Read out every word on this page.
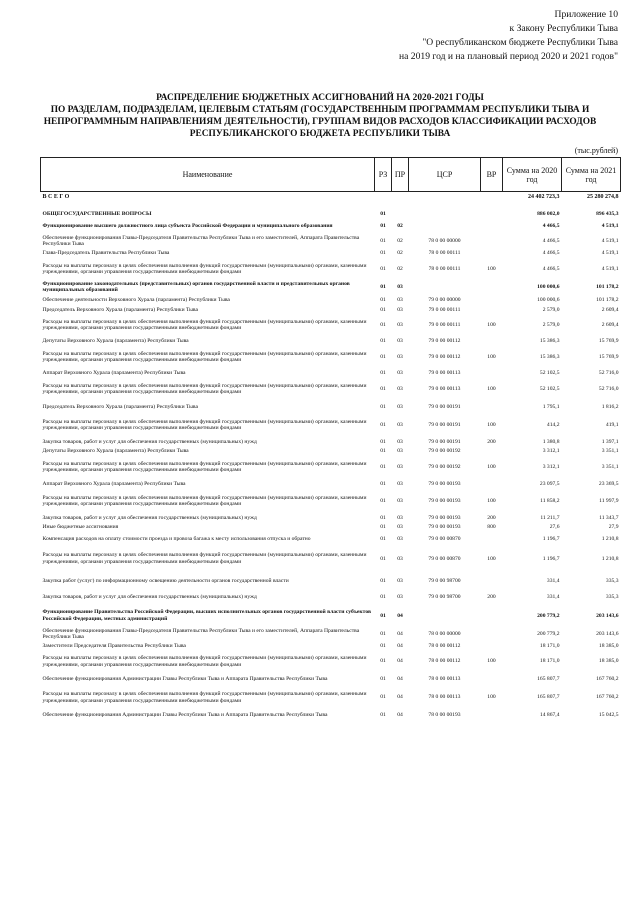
Приложение 10
к Закону Республики Тыва
"О республиканском бюджете Республики Тыва
на 2019 год и на плановый период 2020 и 2021 годов"
РАСПРЕДЕЛЕНИЕ БЮДЖЕТНЫХ АССИГНОВАНИЙ НА 2020-2021 ГОДЫ
ПО РАЗДЕЛАМ, ПОДРАЗДЕЛАМ, ЦЕЛЕВЫМ СТАТЬЯМ (ГОСУДАРСТВЕННЫМ ПРОГРАММАМ РЕСПУБЛИКИ ТЫВА И
НЕПРОГРАММНЫМ НАПРАВЛЕНИЯМ ДЕЯТЕЛЬНОСТИ), ГРУППАМ ВИДОВ РАСХОДОВ КЛАССИФИКАЦИИ РАСХОДОВ
РЕСПУБЛИКАНСКОГО БЮДЖЕТА РЕСПУБЛИКИ ТЫВА
(тыс.рублей)
Наименование	РЗ	ПР	ЦСР	ВР	Сумма на 2020 год	Сумма на 2021 год
В С Е Г О					24 402 723,3	25 280 274,8

ОБЩЕГОСУДАРСТВЕННЫЕ ВОПРОСЫ	01				886 002,0	896 435,3
Функционирование высшего должностного лица субъекта Российской Федерации и муниципального образования	01	02			4 466,5	4 519,1
Обеспечение функционирования Главы-Председателя Правительства Республики Тыва и его заместителей, Аппарата Правительства Республики Тыва	01	02	78 0 00 00000		4 466,5	4 519,1
Глава-Председатель Правительства Республики Тыва	01	02	78 0 00 00111		4 466,5	4 519,1
Расходы на выплаты персоналу в целях обеспечения выполнения функций государственными (муниципальными) органами, казенными учреждениями, органами управления государственными внебюджетными фондами	01	02	78 0 00 00111	100	4 466,5	4 519,1
Функционирование законодательных (представительных) органов государственной власти и представительных органов муниципальных образований	01	03			100 000,6	101 178,2
Обеспечение деятельности Верховного Хурала (парламента) Республики Тыва	01	03	79 0 00 00000		100 000,6	101 178,2
Председатель Верховного Хурала (парламента) Республики Тыва	01	03	79 0 00 00111		2 579,0	2 609,4
Расходы на выплаты персоналу в целях обеспечения выполнения функций государственными (муниципальными) органами, казенными учреждениями, органами управления государственными внебюджетными фондами	01	03	79 0 00 00111	100	2 579,0	2 609,4
Депутаты Верховного Хурала (парламента) Республики Тыва	01	03	79 0 00 00112		15 386,3	15 769,9
Расходы на выплаты персоналу в целях обеспечения выполнения функций государственными (муниципальными) органами, казенными учреждениями, органами управления государственными внебюджетными фондами	01	03	79 0 00 00112	100	15 386,3	15 769,9
Аппарат Верховного Хурала (парламента) Республики Тыва	01	03	79 0 00 00113		52 102,5	52 716,0
Расходы на выплаты персоналу в целях обеспечения выполнения функций государственными (муниципальными) органами, казенными учреждениями, органами управления государственными внебюджетными фондами	01	03	79 0 00 00113	100	52 102,5	52 716,0
Председатель Верховного Хурала (парламента) Республики Тыва	01	03	79 0 00 00191		1 795,1	1 816,2
Расходы на выплаты персоналу в целях обеспечения выполнения функций государственными (муниципальными) органами, казенными учреждениями, органами управления государственными внебюджетными фондами	01	03	79 0 00 00191	100	414,2	419,1
Закупка товаров, работ и услуг для обеспечения государственных (муниципальных) нужд	01	03	79 0 00 00191	200	1 380,8	1 397,1
Депутаты Верховного Хурала (парламента) Республики Тыва	01	03	79 0 00 00192		3 312,1	3 351,1
Расходы на выплаты персоналу в целях обеспечения выполнения функций государственными (муниципальными) органами, казенными учреждениями, органами управления государственными внебюджетными фондами	01	03	79 0 00 00192	100	3 312,1	3 351,1
Аппарат Верховного Хурала (парламента) Республики Тыва	01	03	79 0 00 00193		23 097,5	23 369,5
Расходы на выплаты персоналу в целях обеспечения выполнения функций государственными (муниципальными) органами, казенными учреждениями, органами управления государственными внебюджетными фондами	01	03	79 0 00 00193	100	11 858,2	11 997,9
Закупка товаров, работ и услуг для обеспечения государственных (муниципальных) нужд	01	03	79 0 00 00193	200	11 211,7	11 343,7
Иные бюджетные ассигнования	01	03	79 0 00 00193	800	27,6	27,9
Компенсация расходов на оплату стоимости проезда и провоза багажа к месту использования отпуска и обратно	01	03	79 0 00 00870		1 196,7	1 210,8
Расходы на выплаты персоналу в целях обеспечения выполнения функций государственными (муниципальными) органами, казенными учреждениями, органами управления государственными внебюджетными фондами	01	03	79 0 00 00870	100	1 196,7	1 210,8
Закупка работ (услуг) по информационному освещению деятельности органов государственной власти	01	03	79 0 00 98700		331,4	335,3
Закупка товаров, работ и услуг для обеспечения государственных (муниципальных) нужд	01	03	79 0 00 98700	200	331,4	335,3
Функционирование Правительства Российской Федерации, высших исполнительных органов государственной власти субъектов Российской Федерации, местных администраций	01	04			200 779,2	203 143,6
Обеспечение функционирования Главы-Председателя Правительства Республики Тыва и его заместителей, Аппарата Правительства Республики Тыва	01	04	78 0 00 00000		200 779,2	203 143,6
Заместители Председателя Правительства Республики Тыва	01	04	78 0 00 00112		18 171,0	18 385,0
Расходы на выплаты персоналу в целях обеспечения выполнения функций государственными (муниципальными) органами, казенными учреждениями, органами управления государственными внебюджетными фондами	01	04	78 0 00 00112	100	18 171,0	18 385,0
Обеспечение функционирования Администрации Главы Республики Тыва и Аппарата Правительства Республики Тыва	01	04	78 0 00 00113		165 807,7	167 760,2
Расходы на выплаты персоналу в целях обеспечения выполнения функций государственными (муниципальными) органами, казенными учреждениями, органами управления государственными внебюджетными фондами	01	04	78 0 00 00113	100	165 807,7	167 760,2
Обеспечение функционирования Администрации Главы Республики Тыва и Аппарата Правительства Республики Тыва	01	04	78 0 00 00193		14 867,4	15 042,5
